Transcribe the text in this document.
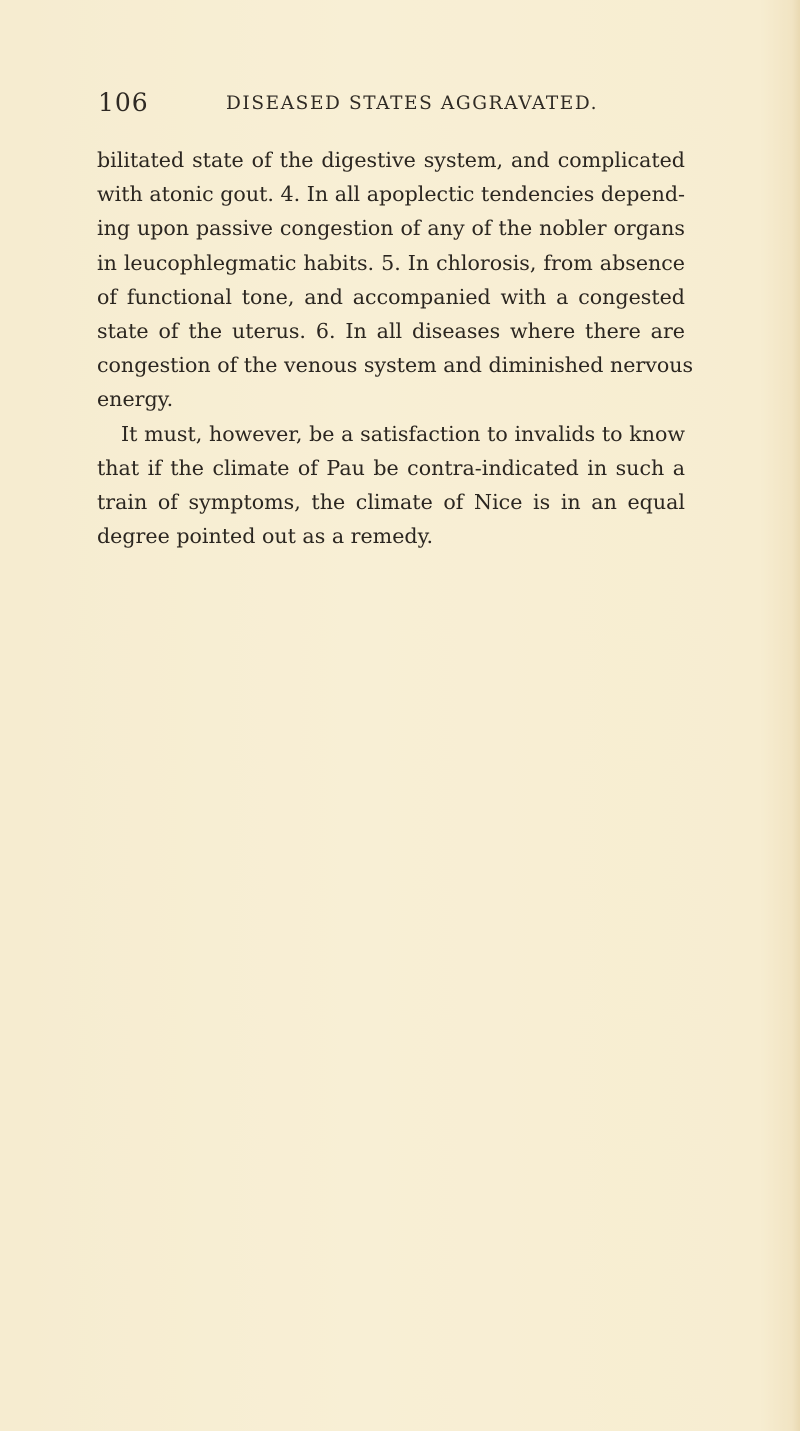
106	DISEASED STATES AGGRAVATED.
bilitated state of the digestive system, and complicated
with atonic gout. 4. In all apoplectic tendencies depend-
ing upon passive congestion of any of the nobler organs
in leucophlegmatic habits. 5. In chlorosis, from absence
of functional tone, and accompanied with a congested
state of the uterus. 6. In all diseases where there are
congestion of the venous system and diminished nervous
energy.
It must, however, be a satisfaction to invalids to know
that if the climate of Pau be contra-indicated in such a
train of symptoms, the climate of Nice is in an equal
degree pointed out as a remedy.
